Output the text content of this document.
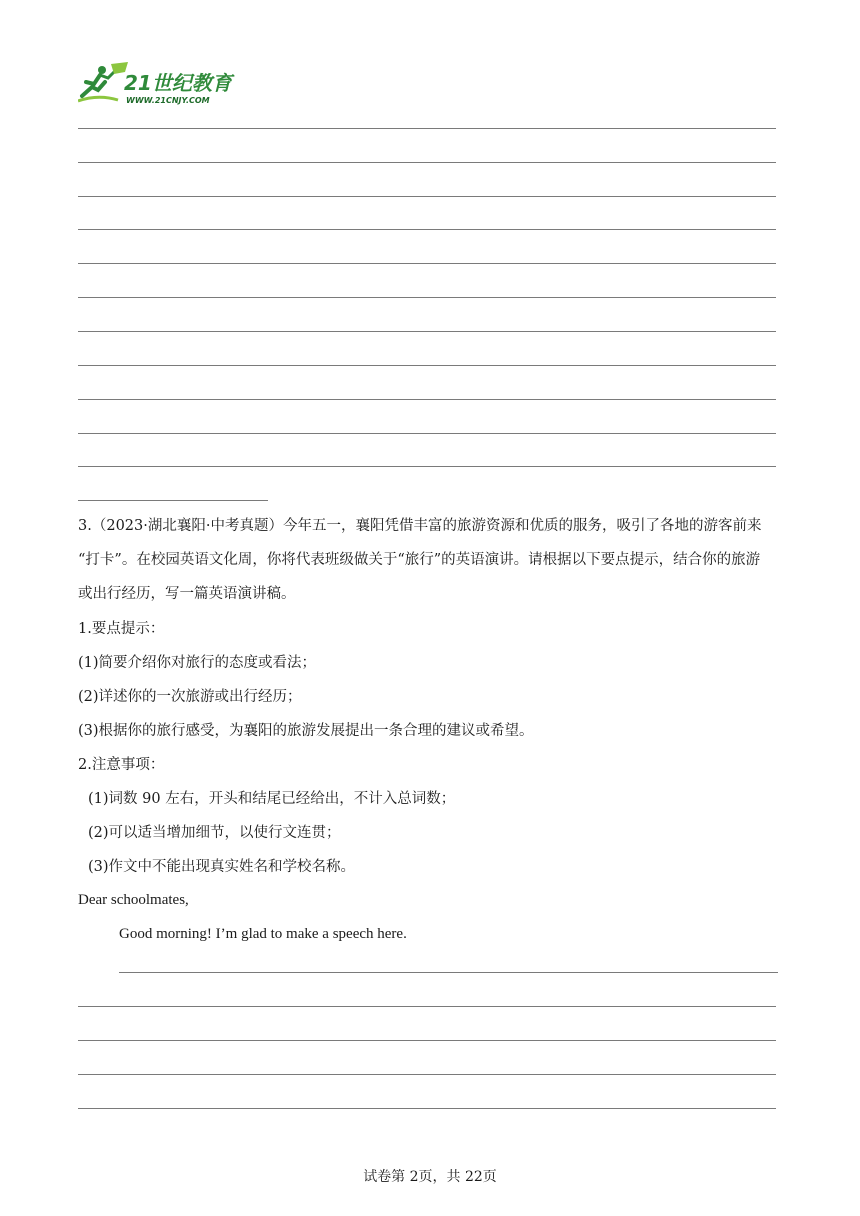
21世纪教育
WWW.21CNJY.COM
3.（2023·湖北襄阳·中考真题）今年五一，襄阳凭借丰富的旅游资源和优质的服务，吸引了各地的游客前来
“打卡”。在校园英语文化周，你将代表班级做关于“旅行”的英语演讲。请根据以下要点提示，结合你的旅游
或出行经历，写一篇英语演讲稿。
1.要点提示：
(1)简要介绍你对旅行的态度或看法；
(2)详述你的一次旅游或出行经历；
(3)根据你的旅行感受，为襄阳的旅游发展提出一条合理的建议或希望。
2.注意事项：
(1)词数 90 左右，开头和结尾已经给出，不计入总词数；
(2)可以适当增加细节，以使行文连贯；
(3)作文中不能出现真实姓名和学校名称。
Dear schoolmates,
Good morning! I’m glad to make a speech here.
试卷第 2页，共 22页
